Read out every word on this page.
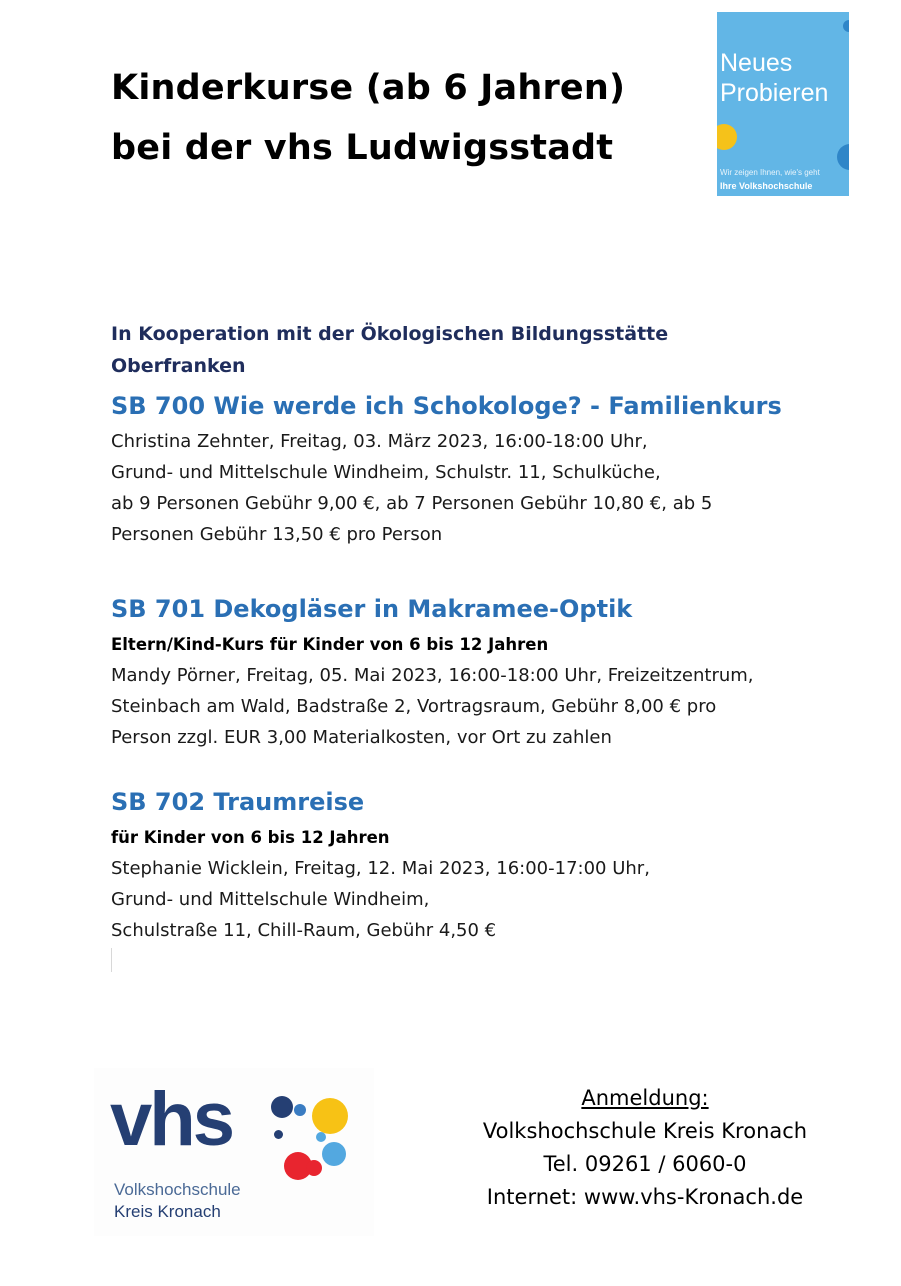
Kinderkurse (ab 6 Jahren)
bei der vhs Ludwigsstadt
Neues
Probieren
Wir zeigen Ihnen, wie's geht
Ihre Volkshochschule
In Kooperation mit der Ökologischen Bildungsstätte
Oberfranken
SB 700 Wie werde ich Schokologe? - Familienkurs
Christina Zehnter, Freitag, 03. März 2023, 16:00-18:00 Uhr,
Grund- und Mittelschule Windheim, Schulstr. 11, Schulküche,
ab 9 Personen Gebühr 9,00 €, ab 7 Personen Gebühr 10,80 €, ab 5
Personen Gebühr 13,50 € pro Person
SB 701 Dekogläser in Makramee-Optik
Eltern/Kind-Kurs für Kinder von 6 bis 12 Jahren
Mandy Pörner, Freitag, 05. Mai 2023, 16:00-18:00 Uhr, Freizeitzentrum,
Steinbach am Wald, Badstraße 2, Vortragsraum, Gebühr 8,00 € pro
Person zzgl. EUR 3,00 Materialkosten, vor Ort zu zahlen
SB 702 Traumreise
für Kinder von 6 bis 12 Jahren
Stephanie Wicklein, Freitag, 12. Mai 2023, 16:00-17:00 Uhr,
Grund- und Mittelschule Windheim,
Schulstraße 11, Chill-Raum, Gebühr 4,50 €
vhs
Volkshochschule
Kreis Kronach
Anmeldung:
Volkshochschule Kreis Kronach
Tel. 09261 / 6060-0
Internet: www.vhs-Kronach.de
